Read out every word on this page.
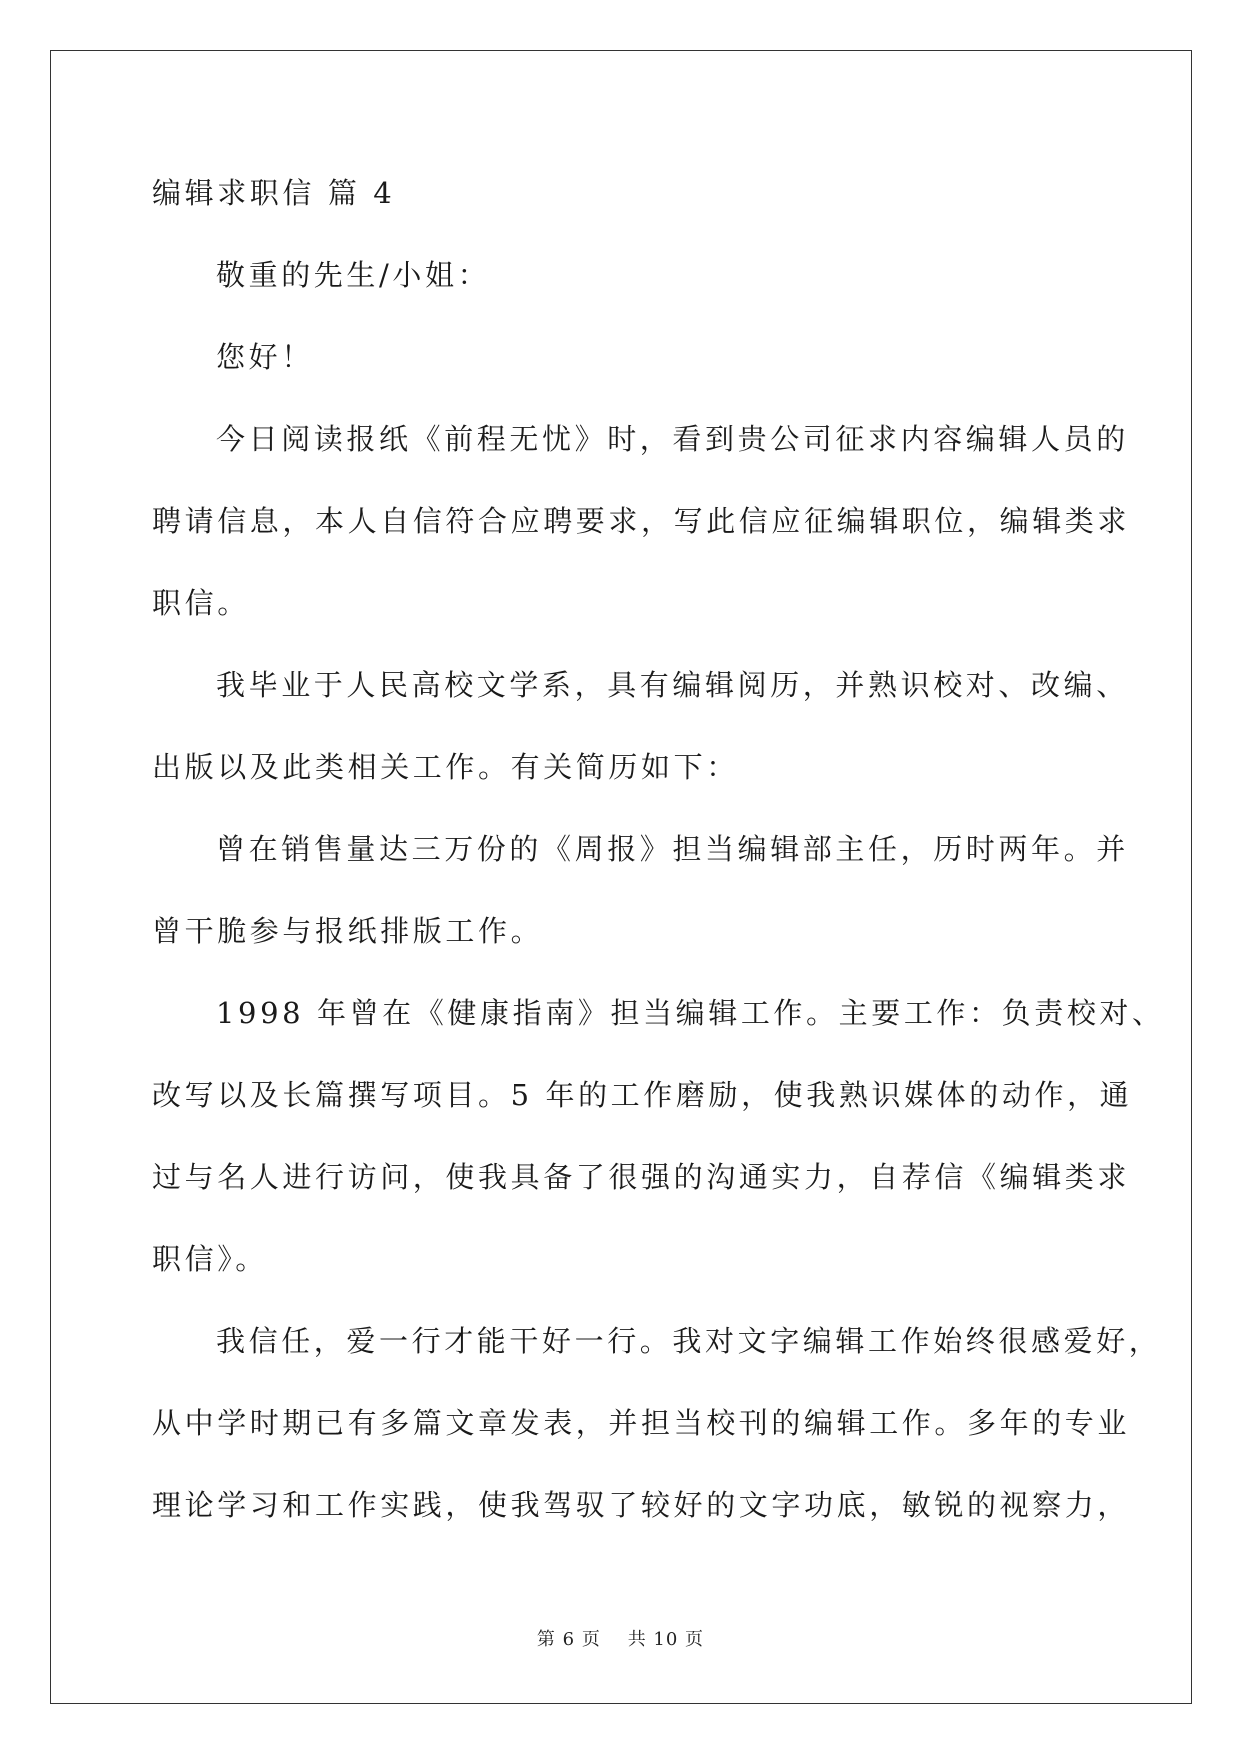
编辑求职信 篇 4
敬重的先生/小姐：
您好！
今日阅读报纸《前程无忧》时，看到贵公司征求内容编辑人员的
聘请信息，本人自信符合应聘要求，写此信应征编辑职位，编辑类求
职信。
我毕业于人民高校文学系，具有编辑阅历，并熟识校对、改编、
出版以及此类相关工作。有关简历如下：
曾在销售量达三万份的《周报》担当编辑部主任，历时两年。并
曾干脆参与报纸排版工作。
1998 年曾在《健康指南》担当编辑工作。主要工作：负责校对、
改写以及长篇撰写项目。5 年的工作磨励，使我熟识媒体的动作，通
过与名人进行访问，使我具备了很强的沟通实力，自荐信《编辑类求
职信》。
我信任，爱一行才能干好一行。我对文字编辑工作始终很感爱好，
从中学时期已有多篇文章发表，并担当校刊的编辑工作。多年的专业
理论学习和工作实践，使我驾驭了较好的文字功底，敏锐的视察力，
第 6 页    共 10 页
